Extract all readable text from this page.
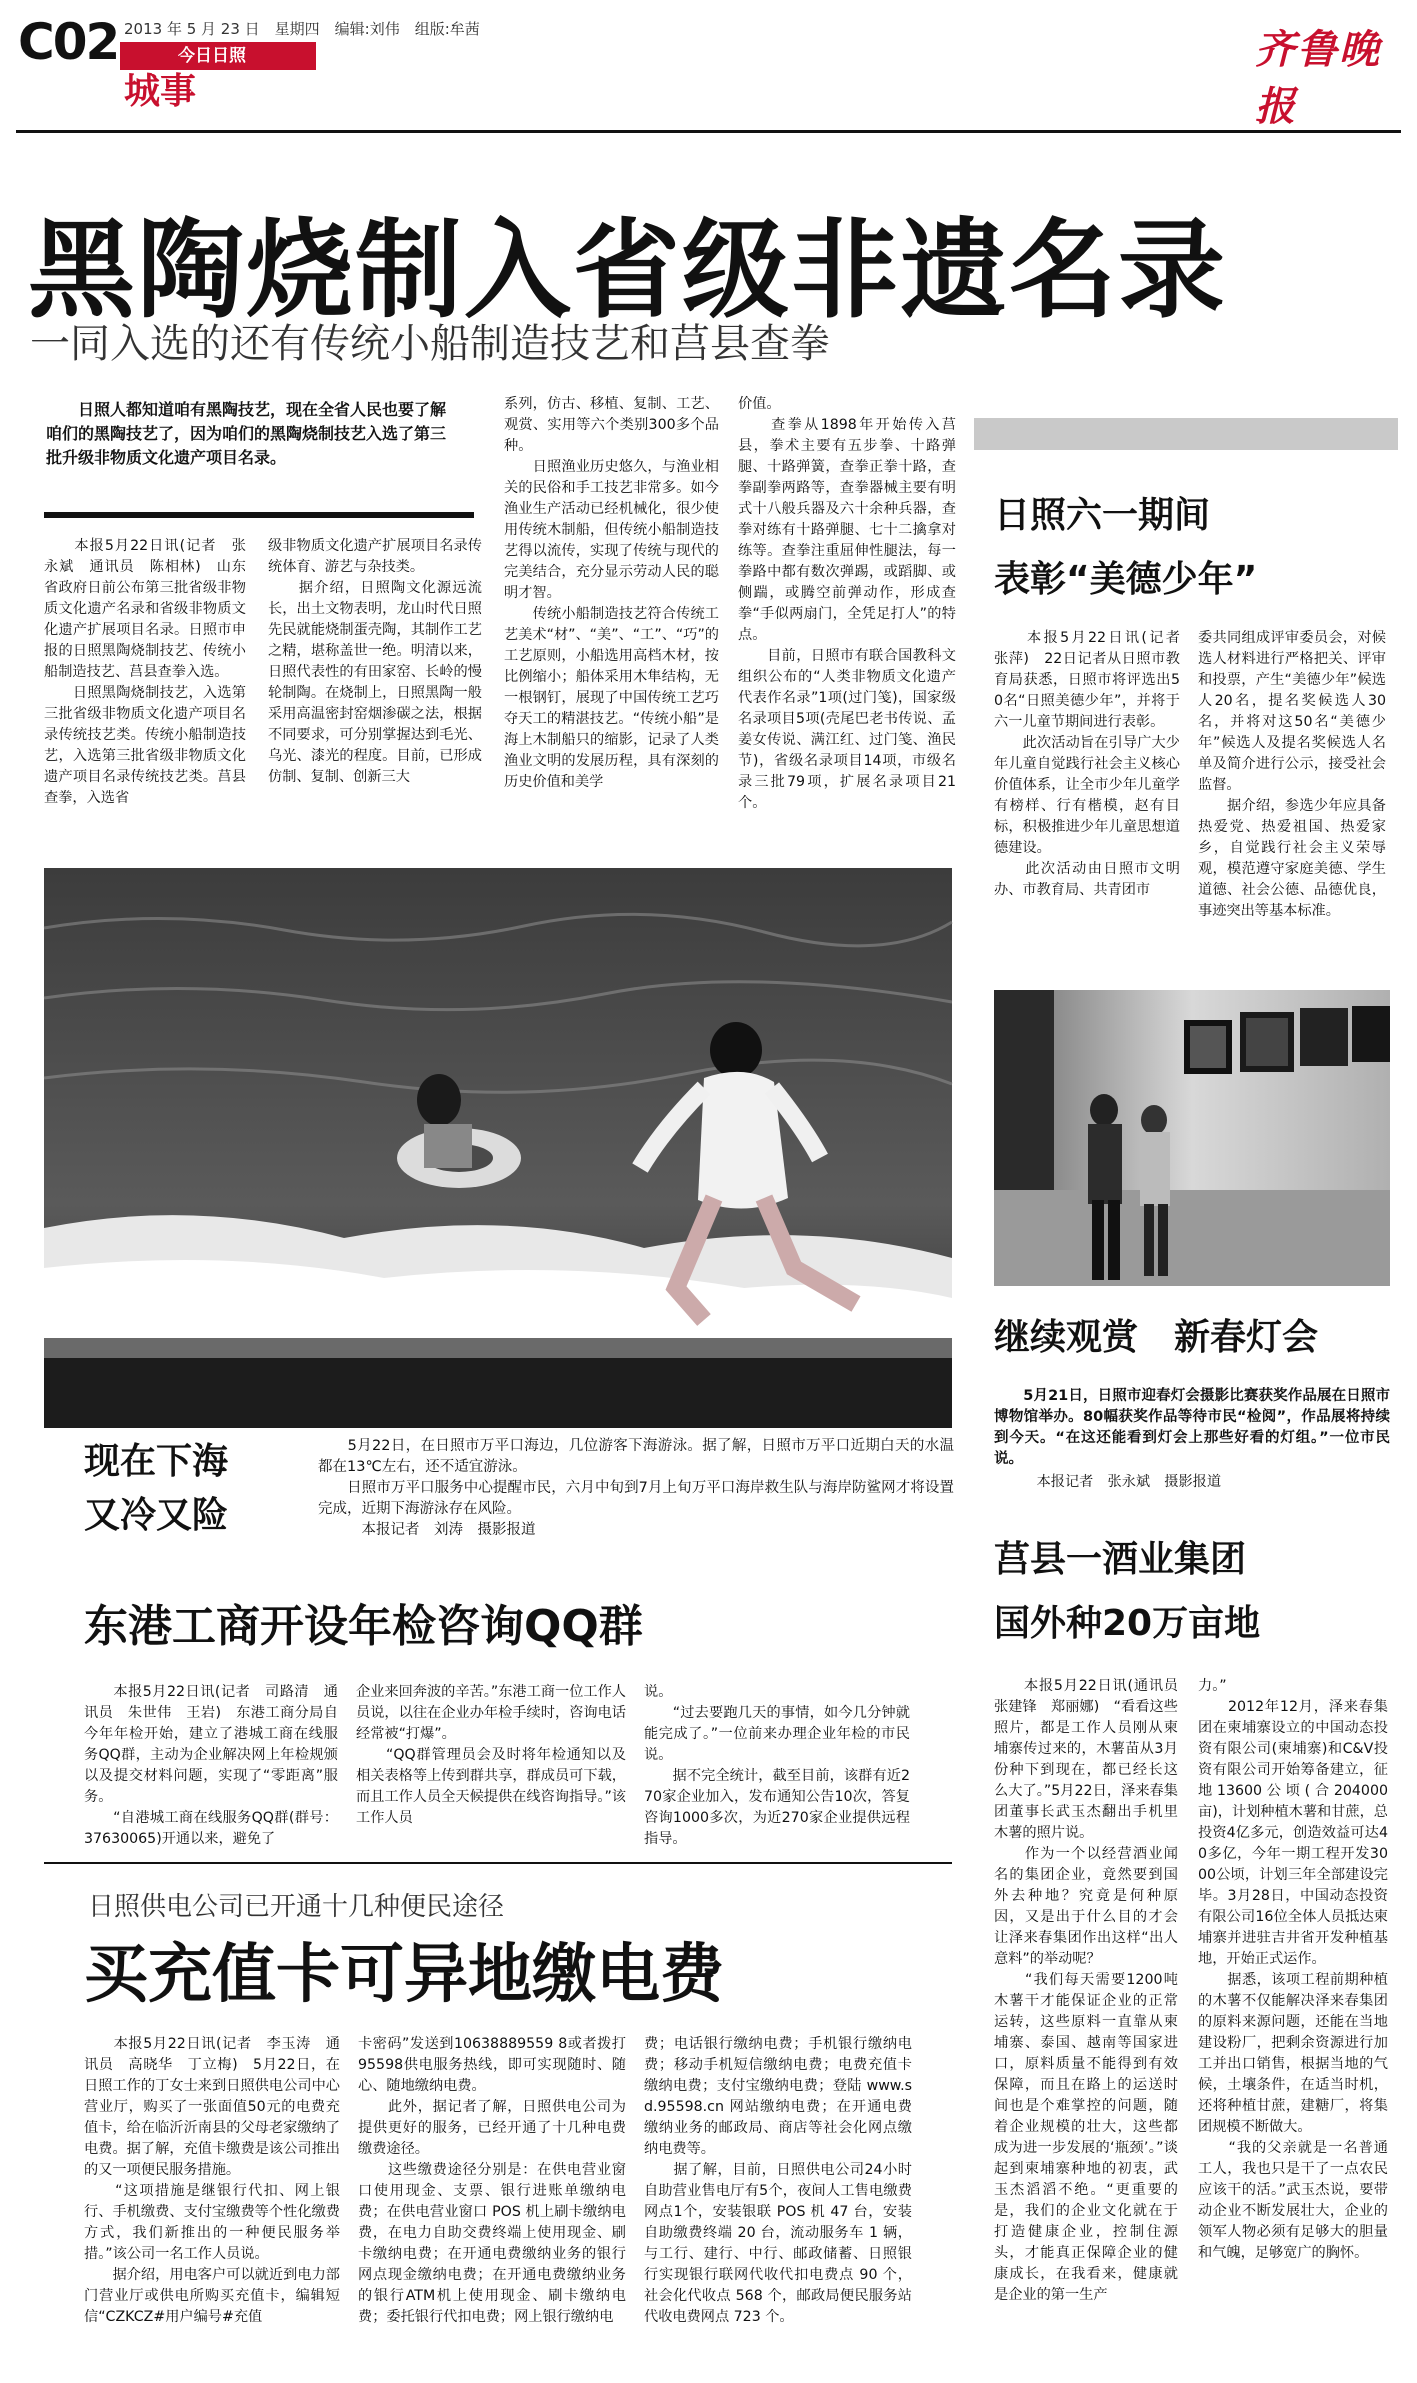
C02 2013 年 5 月 23 日　星期四　编辑:刘伟　组版:牟茜
今日日照
城事
齐鲁晚报
黑陶烧制入省级非遗名录
一同入选的还有传统小船制造技艺和莒县查拳
　　日照人都知道咱有黑陶技艺，现在全省人民也要了解咱们的黑陶技艺了，因为咱们的黑陶烧制技艺入选了第三批升级非物质文化遗产项目名录。
　　本报5月22日讯(记者　张永斌　通讯员　陈相林)　山东省政府日前公布第三批省级非物质文化遗产名录和省级非物质文化遗产扩展项目名录。日照市申报的日照黑陶烧制技艺、传统小船制造技艺、莒县查拳入选。
　　日照黑陶烧制技艺，入选第三批省级非物质文化遗产项目名录传统技艺类。传统小船制造技艺，入选第三批省级非物质文化遗产项目名录传统技艺类。莒县查拳，入选省
级非物质文化遗产扩展项目名录传统体育、游艺与杂技类。
　　据介绍，日照陶文化源远流长，出土文物表明，龙山时代日照先民就能烧制蛋壳陶，其制作工艺之精，堪称盖世一绝。明清以来，日照代表性的有田家窑、长岭的慢轮制陶。在烧制上，日照黑陶一般采用高温密封窑烟渗碳之法，根据不同要求，可分别掌握达到毛光、乌光、漆光的程度。目前，已形成仿制、复制、创新三大
系列，仿古、移植、复制、工艺、观赏、实用等六个类别300多个品种。
　　日照渔业历史悠久，与渔业相关的民俗和手工技艺非常多。如今渔业生产活动已经机械化，很少使用传统木制船，但传统小船制造技艺得以流传，实现了传统与现代的完美结合，充分显示劳动人民的聪明才智。
　　传统小船制造技艺符合传统工艺美术“材”、“美”、“工”、“巧”的工艺原则，小船选用高档木材，按比例缩小；船体采用木隼结构，无一根钢钉，展现了中国传统工艺巧夺天工的精湛技艺。“传统小船”是海上木制船只的缩影，记录了人类渔业文明的发展历程，具有深刻的历史价值和美学
价值。
　　查拳从1898年开始传入莒县，拳术主要有五步拳、十路弹腿、十路弹簧，查拳正拳十路，查拳副拳两路等，查拳器械主要有明式十八般兵器及六十余种兵器，查拳对练有十路弹腿、七十二擒拿对练等。查拳注重屈伸性腿法，每一拳路中都有数次弹踢，或蹈脚、或侧踹，或腾空前弹动作，形成查拳“手似两扇门，全凭足打人”的特点。
　　目前，日照市有联合国教科文组织公布的“人类非物质文化遗产代表作名录”1项(过门笺)，国家级名录项目5项(壳尾巴老书传说、孟姜女传说、满江红、过门笺、渔民节)，省级名录项目14项，市级名录三批79项，扩展名录项目21个。
日照六一期间
表彰“美德少年”
　　本报5月22日讯(记者　张萍)　22日记者从日照市教育局获悉，日照市将评选出50名“日照美德少年”，并将于六一儿童节期间进行表彰。
　　此次活动旨在引导广大少年儿童自觉践行社会主义核心价值体系，让全市少年儿童学有榜样、行有楷模，赵有目标，积极推进少年儿童思想道德建设。
　　此次活动由日照市文明办、市教育局、共青团市
委共同组成评审委员会，对候选人材料进行严格把关、评审和投票，产生“美德少年”候选人20名，提名奖候选人30名，并将对这50名“美德少年”候选人及提名奖候选人名单及简介进行公示，接受社会监督。
　　据介绍，参选少年应具备热爱党、热爱祖国、热爱家乡，自觉践行社会主义荣辱观，模范遵守家庭美德、学生道德、社会公德、品德优良，事迹突出等基本标准。
继续观赏　新春灯会
　　5月21日，日照市迎春灯会摄影比赛获奖作品展在日照市博物馆举办。80幅获奖作品等待市民“检阅”，作品展将持续到今天。“在这还能看到灯会上那些好看的灯组。”一位市民说。
　　　本报记者　张永斌　摄影报道
现在下海
又冷又险
　　5月22日，在日照市万平口海边，几位游客下海游泳。据了解，日照市万平口近期白天的水温都在13℃左右，还不适宜游泳。
　　日照市万平口服务中心提醒市民，六月中旬到7月上旬万平口海岸救生队与海岸防鲨网才将设置完成，近期下海游泳存在风险。
　　　本报记者　刘涛　摄影报道
莒县一酒业集团
国外种20万亩地
　　本报5月22日讯(通讯员　张建锋　郑丽娜)　“看看这些照片，都是工作人员刚从柬埔寨传过来的，木薯苗从3月份种下到现在，都已经长这么大了。”5月22日，泽来春集团董事长武玉杰翻出手机里木薯的照片说。
　　作为一个以经营酒业闻名的集团企业，竟然要到国外去种地？究竟是何种原因，又是出于什么目的才会让泽来春集团作出这样“出人意料”的举动呢？
　　“我们每天需要1200吨木薯干才能保证企业的正常运转，这些原料一直靠从柬埔寨、泰国、越南等国家进口，原料质量不能得到有效保障，而且在路上的运送时间也是个难掌控的问题，随着企业规模的壮大，这些都成为进一步发展的‘瓶颈’。”谈起到柬埔寨种地的初衷，武玉杰滔滔不绝。“更重要的是，我们的企业文化就在于打造健康企业，控制住源头，才能真正保障企业的健康成长，在我看来，健康就是企业的第一生产
力。”
　　2012年12月，泽来春集团在柬埔寨设立的中国动态投资有限公司(柬埔寨)和C&V投资有限公司开始筹备建立，征地13600公顷(合204000亩)，计划种植木薯和甘蔗，总投资4亿多元，创造效益可达40多亿，今年一期工程开发3000公顷，计划三年全部建设完毕。3月28日，中国动态投资有限公司16位全体人员抵达柬埔寨并进驻吉井省开发种植基地，开始正式运作。
　　据悉，该项工程前期种植的木薯不仅能解决泽来春集团的原料来源问题，还能在当地建设粉厂，把剩余资源进行加工并出口销售，根据当地的气候，土壤条件，在适当时机，还将种植甘蔗，建糖厂，将集团规模不断做大。
　　“我的父亲就是一名普通工人，我也只是干了一点农民应该干的活。”武玉杰说，要带动企业不断发展壮大，企业的领军人物必须有足够大的胆量和气魄，足够宽广的胸怀。
东港工商开设年检咨询QQ群
　　本报5月22日讯(记者　司路清　通讯员　朱世伟　王岩)　东港工商分局自今年年检开始，建立了港城工商在线服务QQ群，主动为企业解决网上年检规颁以及提交材料问题，实现了“零距离”服务。
　　“自港城工商在线服务QQ群(群号：37630065)开通以来，避免了
企业来回奔波的辛苦。”东港工商一位工作人员说，以往在企业办年检手续时，咨询电话经常被“打爆”。
　　“QQ群管理员会及时将年检通知以及相关表格等上传到群共享，群成员可下载，而且工作人员全天候提供在线咨询指导。”该工作人员
说。
　　“过去要跑几天的事情，如今几分钟就能完成了。”一位前来办理企业年检的市民说。
　　据不完全统计，截至目前，该群有近270家企业加入，发布通知公告10次，答复咨询1000多次，为近270家企业提供远程指导。
日照供电公司已开通十几种便民途径
买充值卡可异地缴电费
　　本报5月22日讯(记者　李玉涛　通讯员　高晓华　丁立梅)　5月22日，在日照工作的丁女士来到日照供电公司中心营业厅，购买了一张面值50元的电费充值卡，给在临沂沂南县的父母老家缴纳了电费。据了解，充值卡缴费是该公司推出的又一项便民服务措施。
　　“这项措施是继银行代扣、网上银行、手机缴费、支付宝缴费等个性化缴费方式，我们新推出的一种便民服务举措。”该公司一名工作人员说。
　　据介绍，用电客户可以就近到电力部门营业厅或供电所购买充值卡，编辑短信“CZKCZ#用户编号#充值
卡密码”发送到10638889559 8或者拨打95598供电服务热线，即可实现随时、随心、随地缴纳电费。
　　此外，据记者了解，日照供电公司为提供更好的服务，已经开通了十几种电费缴费途径。
　　这些缴费途径分别是：在供电营业窗口使用现金、支票、银行进账单缴纳电费；在供电营业窗口 POS 机上刷卡缴纳电费，在电力自助交费终端上使用现金、刷卡缴纳电费；在开通电费缴纳业务的银行网点现金缴纳电费；在开通电费缴纳业务的银行ATM机上使用现金、刷卡缴纳电费；委托银行代扣电费；网上银行缴纳电
费；电话银行缴纳电费；手机银行缴纳电费；移动手机短信缴纳电费；电费充值卡缴纳电费；支付宝缴纳电费；登陆 www.sd.95598.cn 网站缴纳电费；在开通电费缴纳业务的邮政局、商店等社会化网点缴纳电费等。
　　据了解，目前，日照供电公司24小时自助营业售电厅有5个，夜间人工售电缴费网点1个，安装银联 POS 机 47 台，安装自助缴费终端 20 台，流动服务车 1 辆，与工行、建行、中行、邮政储蓄、日照银行实现银行联网代收代扣电费点 90 个，社会化代收点 568 个，邮政局便民服务站代收电费网点 723 个。
